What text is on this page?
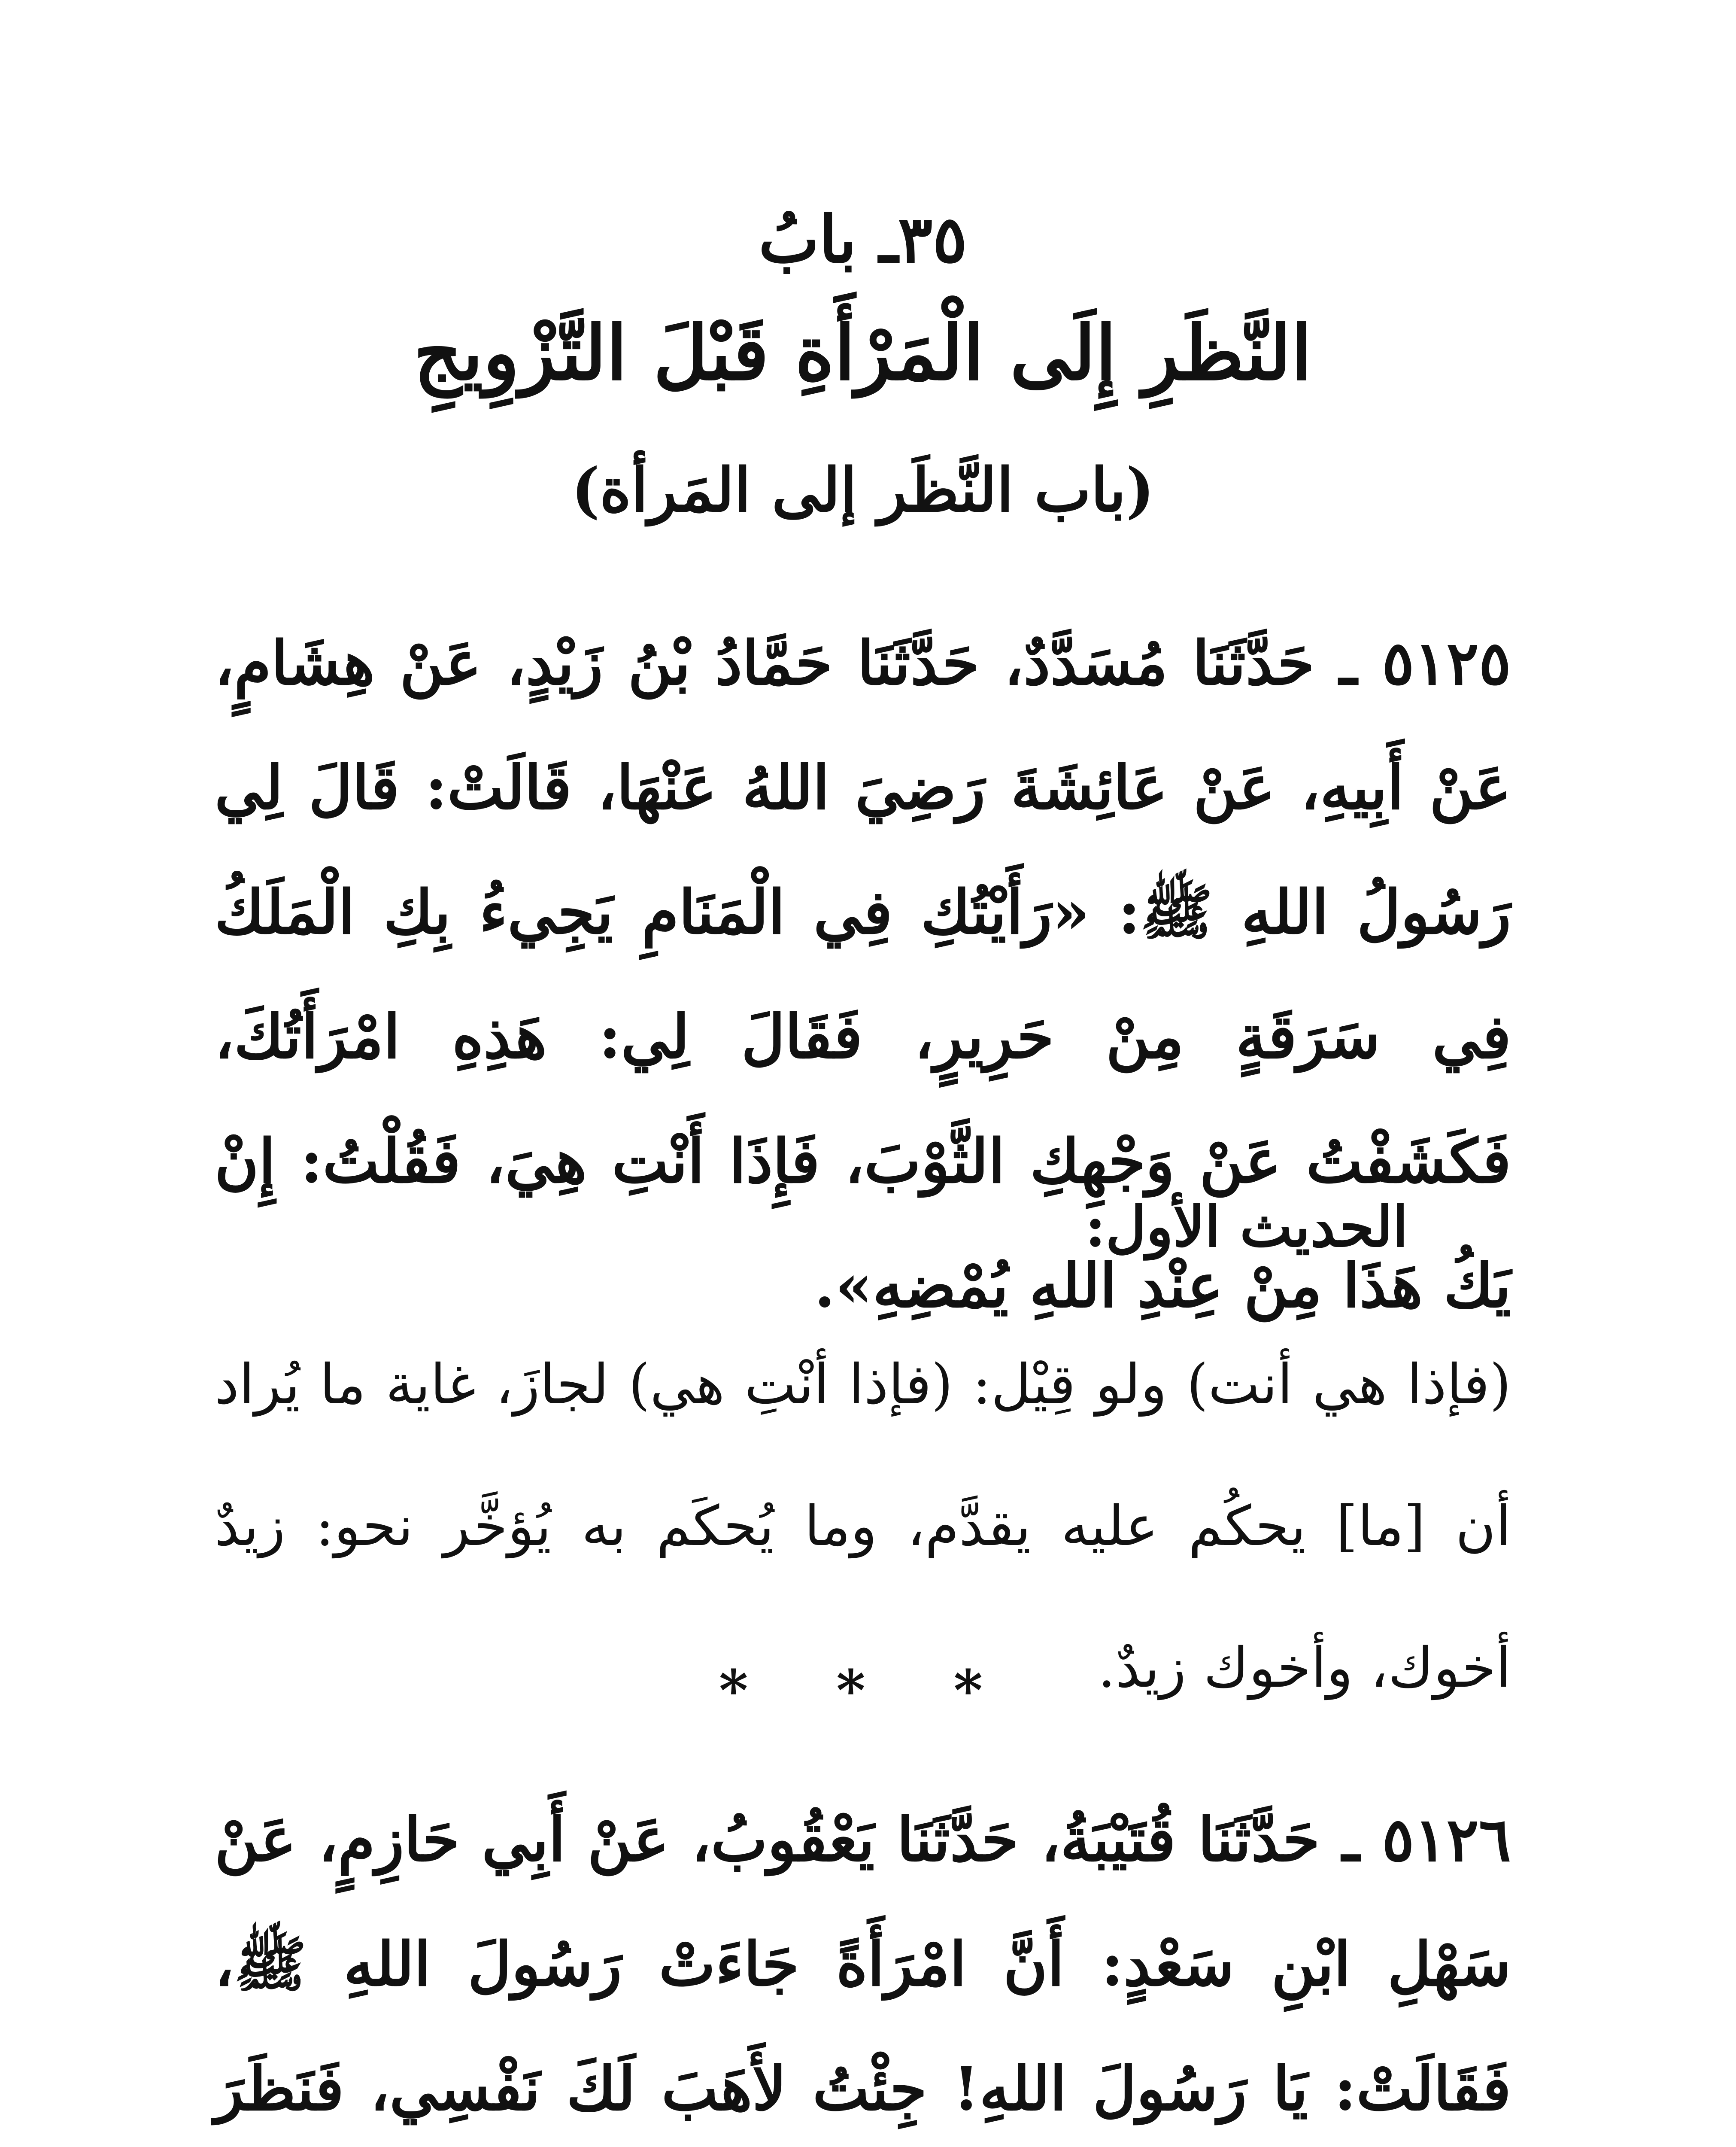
٣٥ـ بابُ
النَّظَرِ إِلَى الْمَرْأَةِ قَبْلَ التَّزْوِيجِ
(باب النَّظَر إلى المَرأة)
٥١٢٥ ـ حَدَّثَنَا مُسَدَّدٌ، حَدَّثَنَا حَمَّادُ بْنُ زَيْدٍ، عَنْ هِشَامٍ، عَنْ أَبِيهِ، عَنْ عَائِشَةَ رَضِيَ اللهُ عَنْهَا، قَالَتْ: قَالَ لِي رَسُولُ اللهِ ﷺ: «رَأَيْتُكِ فِي الْمَنَامِ يَجِيءُ بِكِ الْمَلَكُ فِي سَرَقَةٍ مِنْ حَرِيرٍ، فَقَالَ لِي: هَذِهِ امْرَأَتُكَ، فَكَشَفْتُ عَنْ وَجْهِكِ الثَّوْبَ، فَإِذَا أَنْتِ هِيَ، فَقُلْتُ: إِنْ يَكُ هَذَا مِنْ عِنْدِ اللهِ يُمْضِهِ».
الحديث الأول:
(فإذا هي أنت) ولو قِيْل: (فإذا أنْتِ هي) لجازَ، غاية ما يُراد أن [ما] يحكُم عليه يقدَّم، وما يُحكَم به يُؤخَّر نحو: زيدٌ أخوك، وأخوك زيدٌ.
* * *
٥١٢٦ ـ حَدَّثَنَا قُتَيْبَةُ، حَدَّثَنَا يَعْقُوبُ، عَنْ أَبِي حَازِمٍ، عَنْ سَهْلِ ابْنِ سَعْدٍ: أَنَّ امْرَأَةً جَاءَتْ رَسُولَ اللهِ ﷺ، فَقَالَتْ: يَا رَسُولَ اللهِ! جِئْتُ لأَهَبَ لَكَ نَفْسِي، فَنَظَرَ
